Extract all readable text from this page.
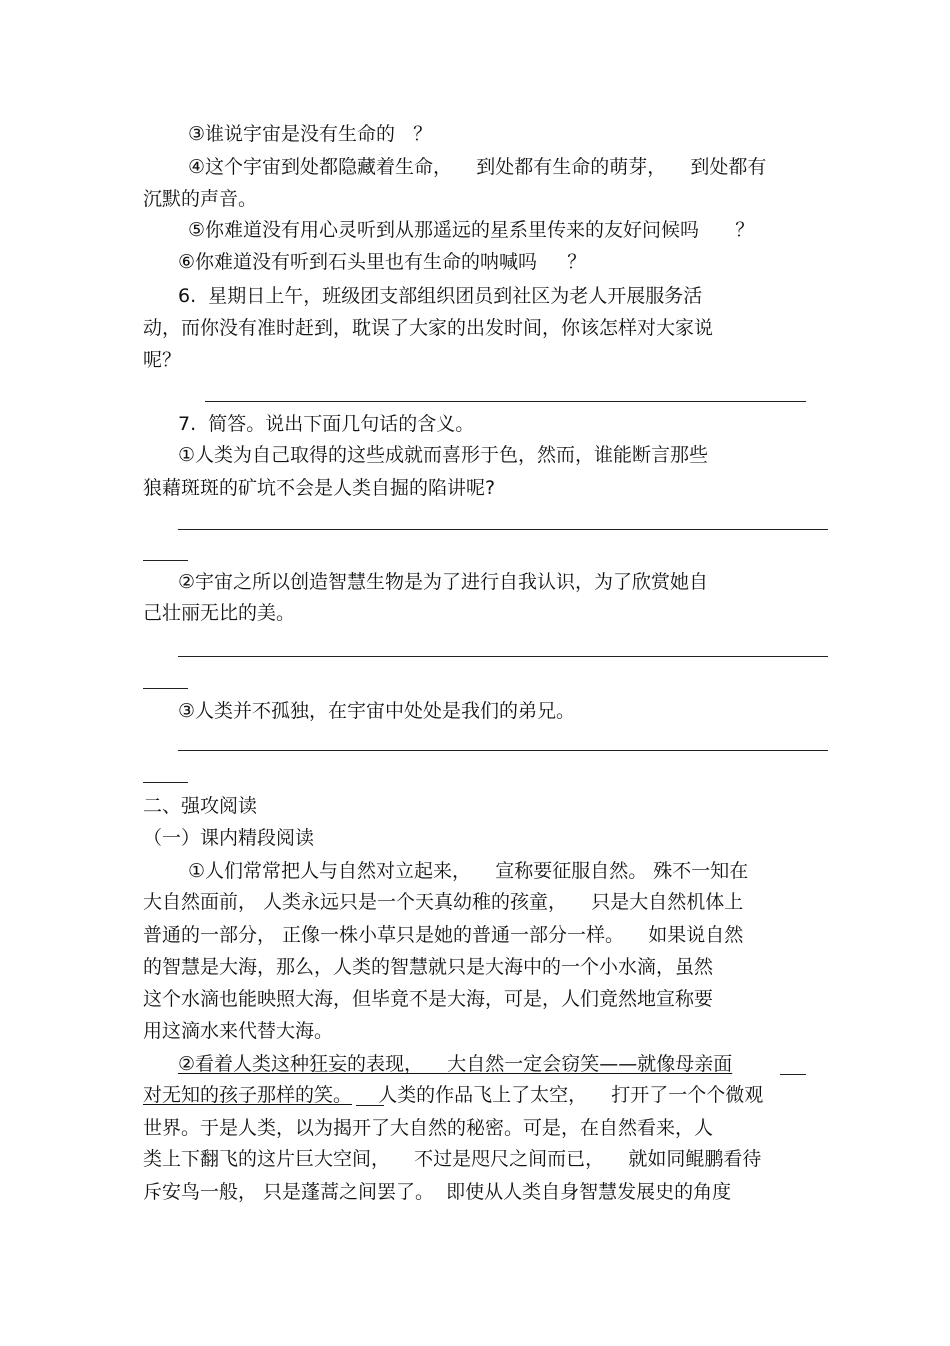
③谁说宇宙是没有生命的   ？

④这个宇宙到处都隐藏着生命，    到处都有生命的萌芽，    到处都有

沉默的声音。

⑤你难道没有用心灵听到从那遥远的星系里传来的友好问候吗      ？

⑥你难道没有听到石头里也有生命的呐喊吗     ？

6.  星期日上午，班级团支部组织团员到社区为老人开展服务活

动，而你没有准时赶到，耽误了大家的出发时间，你该怎样对大家说

呢？

7.  简答。说出下面几句话的含义。

①人类为自己取得的这些成就而喜形于色，然而，谁能断言那些

狼藉斑斑的矿坑不会是人类自掘的陷讲呢?

②宇宙之所以创造智慧生物是为了进行自我认识，为了欣赏她自

己壮丽无比的美。

③人类并不孤独，在宇宙中处处是我们的弟兄。

二、强攻阅读

（一）课内精段阅读

①人们常常把人与自然对立起来，    宣称要征服自然。 殊不一知在

大自然面前， 人类永远只是一个天真幼稚的孩童，    只是大自然机体上

普通的一部分， 正像一株小草只是她的普通一部分一样。    如果说自然

的智慧是大海，那么，人类的智慧就只是大海中的一个小水滴，虽然

这个水滴也能映照大海，但毕竟不是大海，可是，人们竟然地宣称要

用这滴水来代替大海。

②看着人类这种狂妄的表现，    大自然一定会窃笑——就像母亲面

对无知的孩子那样的笑。 人类的作品飞上了太空，    打开了一个个微观

世界。于是人类，以为揭开了大自然的秘密。可是，在自然看来，人

类上下翻飞的这片巨大空间，    不过是咫尺之间而已，    就如同鲲鹏看待

斥安鸟一般， 只是蓬蒿之间罢了。  即使从人类自身智慧发展史的角度
